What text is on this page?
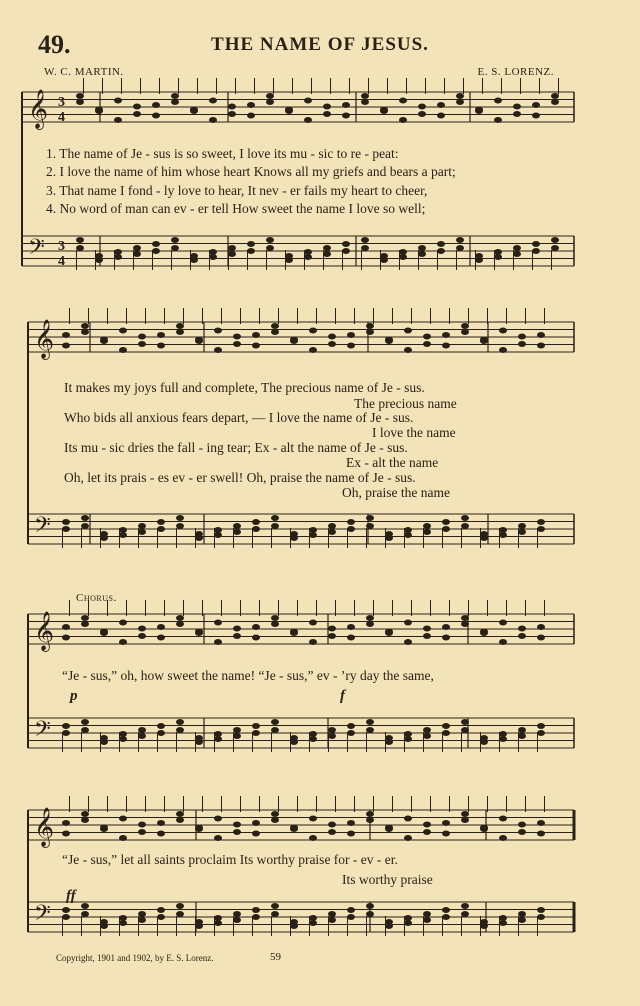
49.	THE NAME OF JESUS.
W. C. MARTIN.	E. S. LORENZ.
𝄞
𝄢
𝄞
𝄢
𝄞
𝄢
𝄞
𝄢
3
4
3
4
1. The name of Je - sus is so sweet, I love its mu - sic to re - peat:
2. I love the name of him whose heart Knows all my griefs and bears a part;
3. That name I fond - ly love to hear, It nev - er fails my heart to cheer,
4. No word of man can ev - er tell How sweet the name I love so well;
It makes my joys full and complete, The precious name of Je - sus.
The precious name
Who bids all anxious fears depart, — I love the name of Je - sus.
I love the name
Its mu - sic dries the fall - ing tear; Ex - alt the name of Je - sus.
Ex - alt the name
Oh, let its prais - es ev - er swell! Oh, praise the name of Je - sus.
Oh, praise the name
Chorus.
“Je - sus,” oh, how sweet the name! “Je - sus,” ev - ’ry day the same,
p	f
“Je - sus,” let all saints proclaim Its worthy praise for - ev - er.
Its worthy praise
ff
Copyright, 1901 and 1902, by E. S. Lorenz.	59
